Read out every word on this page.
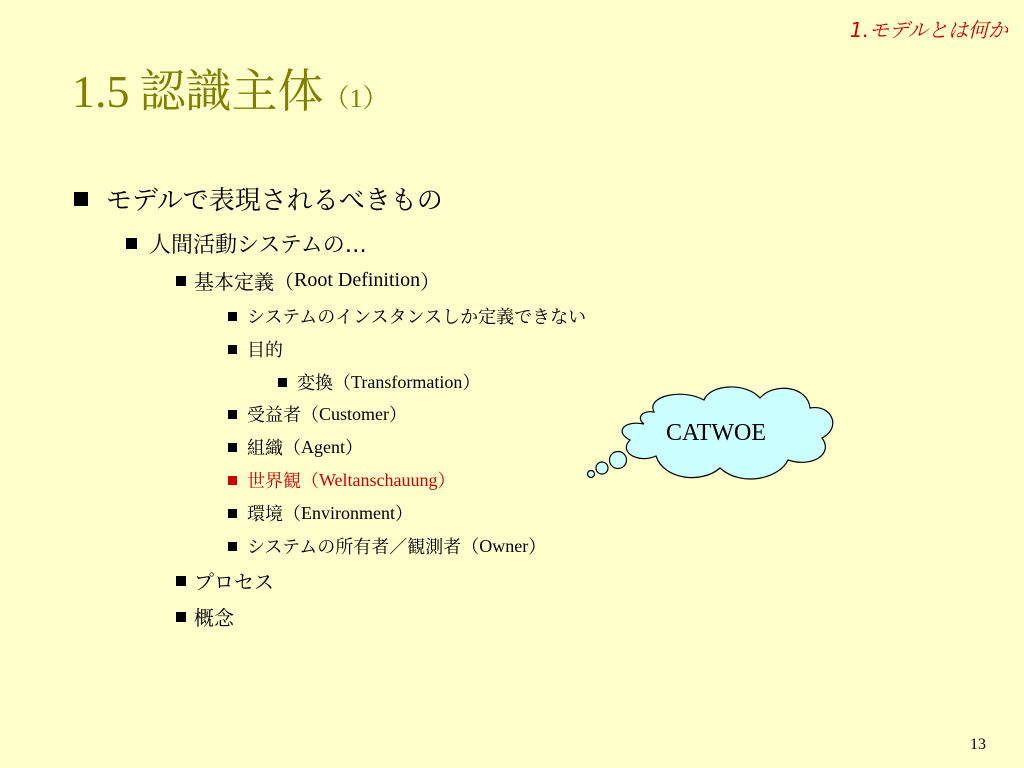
1.モデルとは何か
1.5 認識主体（1）
モデルで表現されるべきもの
人間活動システムの…
基本定義（ Root Definition ）
システムのインスタンスしか定義できない
目的
変換（ Transformation ）
受益者（ Customer ）
組織（ Agent ）
世界観（ Weltanschauung ）
環境（ Environment ）
システムの所有者／観測者（ Owner ）
プロセス
概念
CATWOE
13
